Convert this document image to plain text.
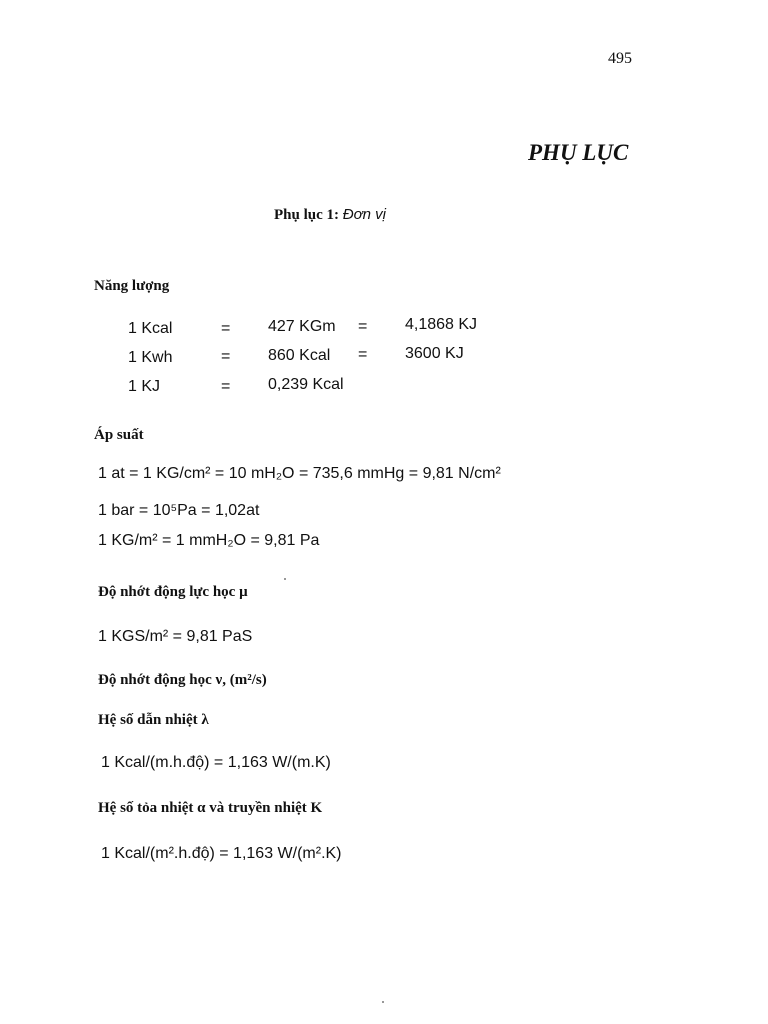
495
PHỤ LỤC
Phụ lục 1: Đơn vị
Năng lượng
1 Kcal	= 427 KGm = 4,1868 KJ
1 Kwh	= 860 Kcal = 3600 KJ
1 KJ	= 0,239 Kcal
Áp suất
1 at = 1 KG/cm² = 10 mH₂O = 735,6 mmHg = 9,81 N/cm²
1 bar = 10⁵Pa = 1,02at
1 KG/m² = 1 mmH₂O = 9,81 Pa
Độ nhớt động lực học μ
1 KGS/m² = 9,81 PaS
Độ nhớt động học ν, (m²/s)
Hệ số dẫn nhiệt λ
1 Kcal/(m.h.độ) = 1,163 W/(m.K)
Hệ số tỏa nhiệt α và truyền nhiệt K
1 Kcal/(m².h.độ) = 1,163 W/(m².K)
